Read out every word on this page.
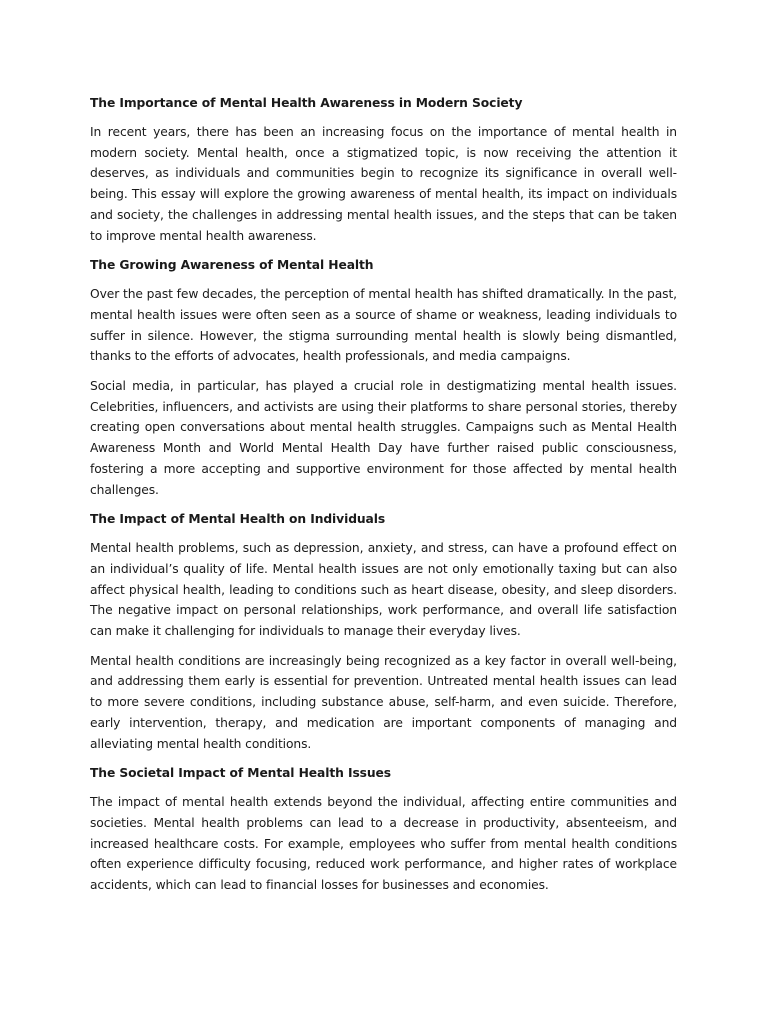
The Importance of Mental Health Awareness in Modern Society

In recent years, there has been an increasing focus on the importance of mental health in modern society. Mental health, once a stigmatized topic, is now receiving the attention it deserves, as individuals and communities begin to recognize its significance in overall well-being. This essay will explore the growing awareness of mental health, its impact on individuals and society, the challenges in addressing mental health issues, and the steps that can be taken to improve mental health awareness.

The Growing Awareness of Mental Health

Over the past few decades, the perception of mental health has shifted dramatically. In the past, mental health issues were often seen as a source of shame or weakness, leading individuals to suffer in silence. However, the stigma surrounding mental health is slowly being dismantled, thanks to the efforts of advocates, health professionals, and media campaigns.

Social media, in particular, has played a crucial role in destigmatizing mental health issues. Celebrities, influencers, and activists are using their platforms to share personal stories, thereby creating open conversations about mental health struggles. Campaigns such as Mental Health Awareness Month and World Mental Health Day have further raised public consciousness, fostering a more accepting and supportive environment for those affected by mental health challenges.

The Impact of Mental Health on Individuals

Mental health problems, such as depression, anxiety, and stress, can have a profound effect on an individual’s quality of life. Mental health issues are not only emotionally taxing but can also affect physical health, leading to conditions such as heart disease, obesity, and sleep disorders. The negative impact on personal relationships, work performance, and overall life satisfaction can make it challenging for individuals to manage their everyday lives.

Mental health conditions are increasingly being recognized as a key factor in overall well-being, and addressing them early is essential for prevention. Untreated mental health issues can lead to more severe conditions, including substance abuse, self-harm, and even suicide. Therefore, early intervention, therapy, and medication are important components of managing and alleviating mental health conditions.

The Societal Impact of Mental Health Issues

The impact of mental health extends beyond the individual, affecting entire communities and societies. Mental health problems can lead to a decrease in productivity, absenteeism, and increased healthcare costs. For example, employees who suffer from mental health conditions often experience difficulty focusing, reduced work performance, and higher rates of workplace accidents, which can lead to financial losses for businesses and economies.
